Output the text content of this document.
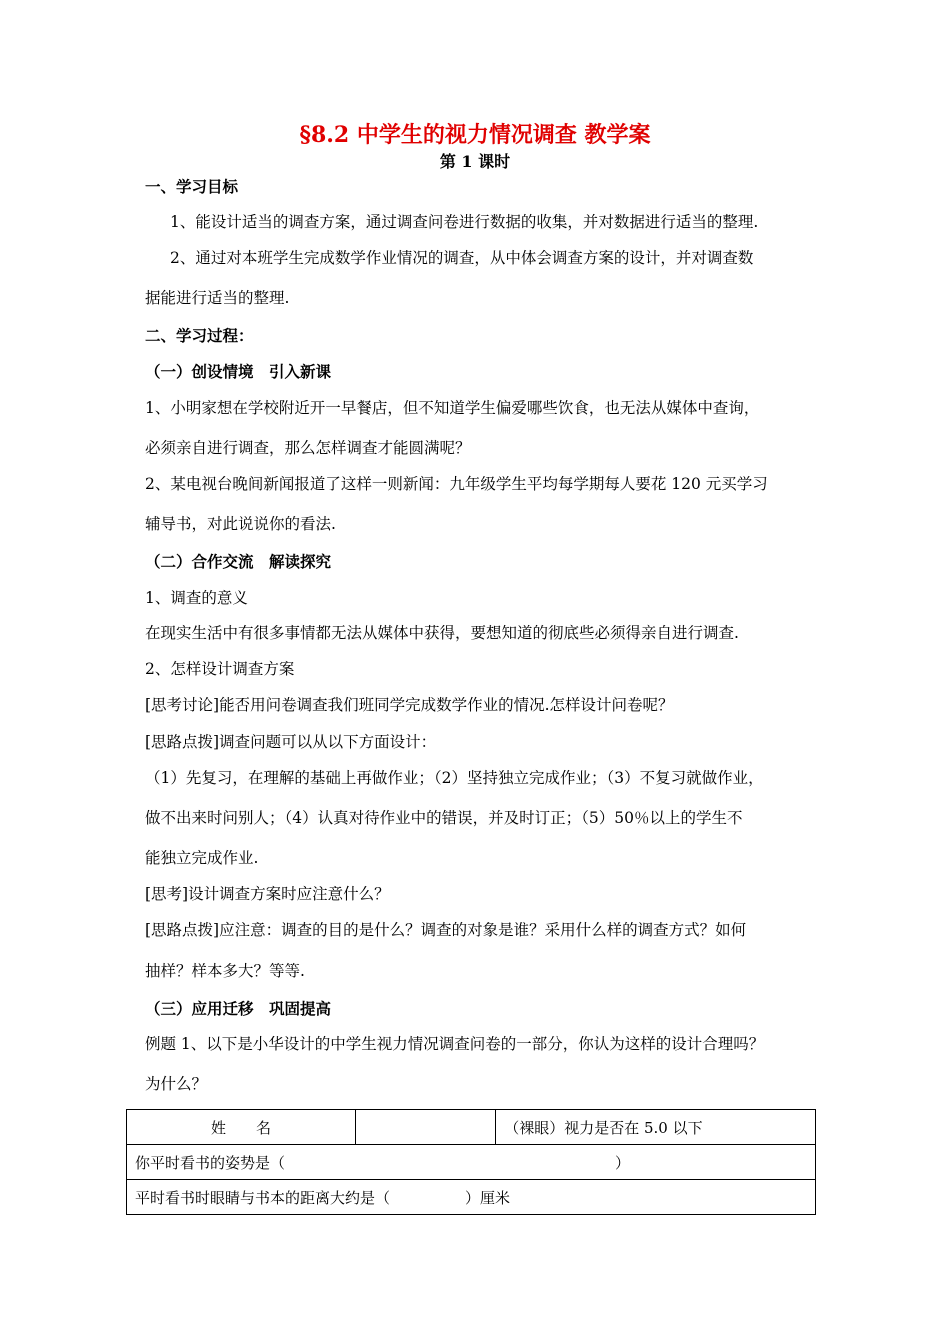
§8.2 中学生的视力情况调查 教学案
第 1 课时
一、学习目标
1、能设计适当的调查方案，通过调查问卷进行数据的收集，并对数据进行适当的整理.
2、通过对本班学生完成数学作业情况的调查，从中体会调查方案的设计，并对调查数
据能进行适当的整理.
二、学习过程：
（一）创设情境　引入新课
1、小明家想在学校附近开一早餐店，但不知道学生偏爱哪些饮食，也无法从媒体中查询，
必须亲自进行调查，那么怎样调查才能圆满呢？
2、某电视台晚间新闻报道了这样一则新闻：九年级学生平均每学期每人要花 120 元买学习
辅导书，对此说说你的看法.
（二）合作交流　解读探究
1、调查的意义
在现实生活中有很多事情都无法从媒体中获得，要想知道的彻底些必须得亲自进行调查.
2、怎样设计调查方案
[思考讨论]能否用问卷调查我们班同学完成数学作业的情况.怎样设计问卷呢？
[思路点拨]调查问题可以从以下方面设计：
（1）先复习，在理解的基础上再做作业；（2）坚持独立完成作业；（3）不复习就做作业，
做不出来时问别人；（4）认真对待作业中的错误，并及时订正；（5）50％以上的学生不
能独立完成作业.
[思考]设计调查方案时应注意什么？
[思路点拨]应注意：调查的目的是什么？调查的对象是谁？采用什么样的调查方式？如何
抽样？样本多大？等等.
（三）应用迁移　巩固提高
例题 1、以下是小华设计的中学生视力情况调查问卷的一部分，你认为这样的设计合理吗？
为什么？
姓　　名		（裸眼）视力是否在 5.0 以下
你平时看书的姿势是（　　　　　　　　　　　　　　　　　　　　　　）
平时看书时眼睛与书本的距离大约是（　　　　　）厘米
